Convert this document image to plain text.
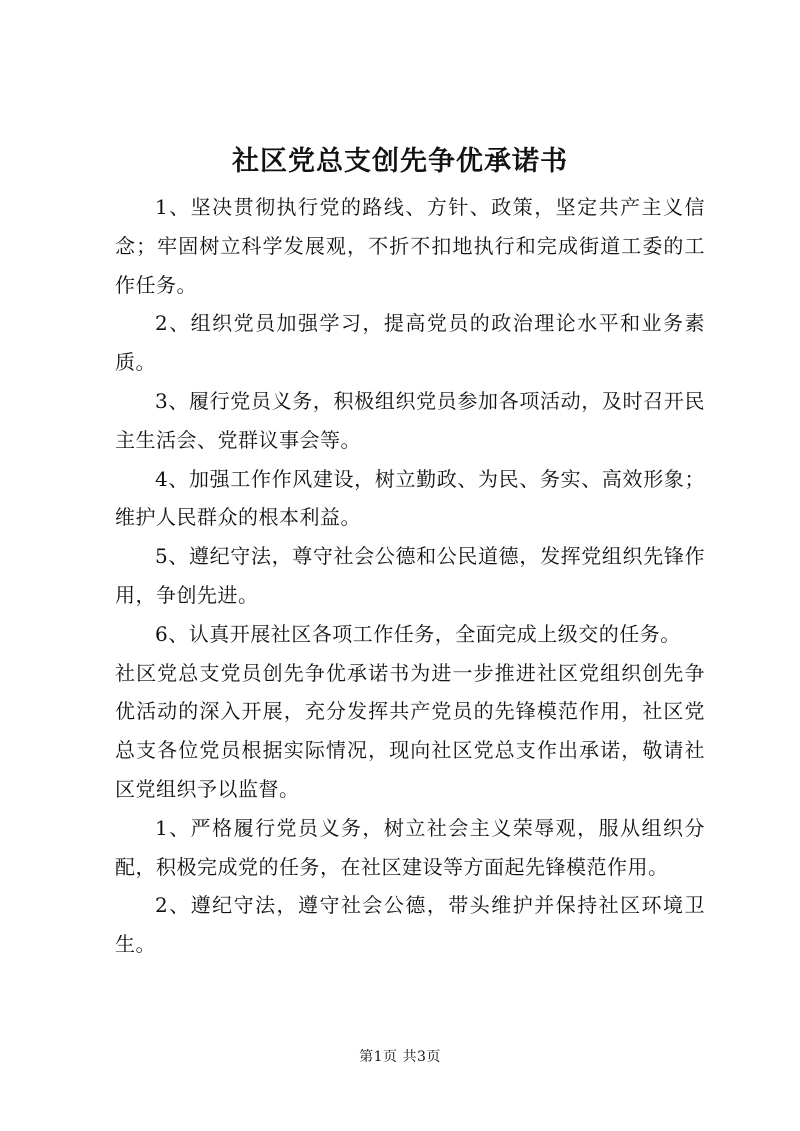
社区党总支创先争优承诺书

1、坚决贯彻执行党的路线、方针、政策，坚定共产主义信念；牢固树立科学发展观，不折不扣地执行和完成街道工委的工作任务。

2、组织党员加强学习，提高党员的政治理论水平和业务素质。

3、履行党员义务，积极组织党员参加各项活动，及时召开民主生活会、党群议事会等。

4、加强工作作风建设，树立勤政、为民、务实、高效形象；维护人民群众的根本利益。

5、遵纪守法，尊守社会公德和公民道德，发挥党组织先锋作用，争创先进。

6、认真开展社区各项工作任务，全面完成上级交的任务。

社区党总支党员创先争优承诺书为进一步推进社区党组织创先争优活动的深入开展，充分发挥共产党员的先锋模范作用，社区党总支各位党员根据实际情况，现向社区党总支作出承诺，敬请社区党组织予以监督。

1、严格履行党员义务，树立社会主义荣辱观，服从组织分配，积极完成党的任务，在社区建设等方面起先锋模范作用。

2、遵纪守法，遵守社会公德，带头维护并保持社区环境卫生。

第1页 共3页
